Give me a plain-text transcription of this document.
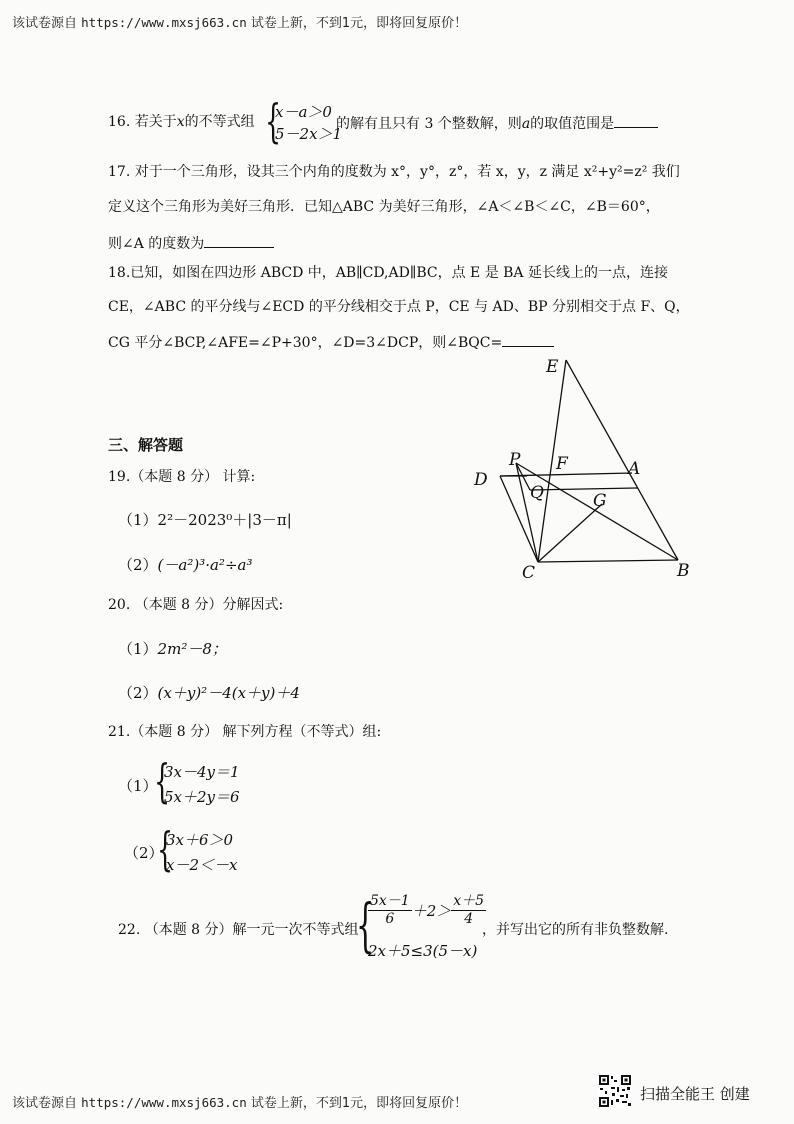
该试卷源自 https://www.mxsj663.cn 试卷上新，不到1元，即将回复原价！
16. 若关于x的不等式组 {
x－a＞0
5－2x＞1
的解有且只有 3 个整数解，则a的取值范围是
17. 对于一个三角形，设其三个内角的度数为 x°，y°，z°，若 x，y，z 满足 x²+y²=z² 我们
定义这个三角形为美好三角形．已知△ABC 为美好三角形，∠A＜∠B＜∠C，∠B＝60°，
则∠A 的度数为
18.已知，如图在四边形 ABCD 中，AB∥CD,AD∥BC，点 E 是 BA 延长线上的一点，连接
CE，∠ABC 的平分线与∠ECD 的平分线相交于点 P，CE 与 AD、BP 分别相交于点 F、Q，
CG 平分∠BCP,∠AFE=∠P+30°，∠D=3∠DCP，则∠BQC=
E
P F	A
D
Q	G
C	B
三、解答题
19.（本题 8 分） 计算:
（1）2²－2023⁰＋|3－π|
（2）(－a²)³·a²÷a³
20. （本题 8 分）分解因式:
（1）2m²－8；
（2）(x＋y)²－4(x＋y)＋4
21.（本题 8 分） 解下列方程（不等式）组:
（1）
{
3x－4y＝1
5x＋2y＝6
（2）
{
3x＋6＞0
x－2＜－x
22. （本题 8 分）解一元一次不等式组
{
$\frac{5x-1}{6} +2> \frac{x+5}{4}$
2x＋5≤3(5－x)
，并写出它的所有非负整数解.
该试卷源自 https://www.mxsj663.cn 试卷上新，不到1元，即将回复原价！
扫描全能王 创建
